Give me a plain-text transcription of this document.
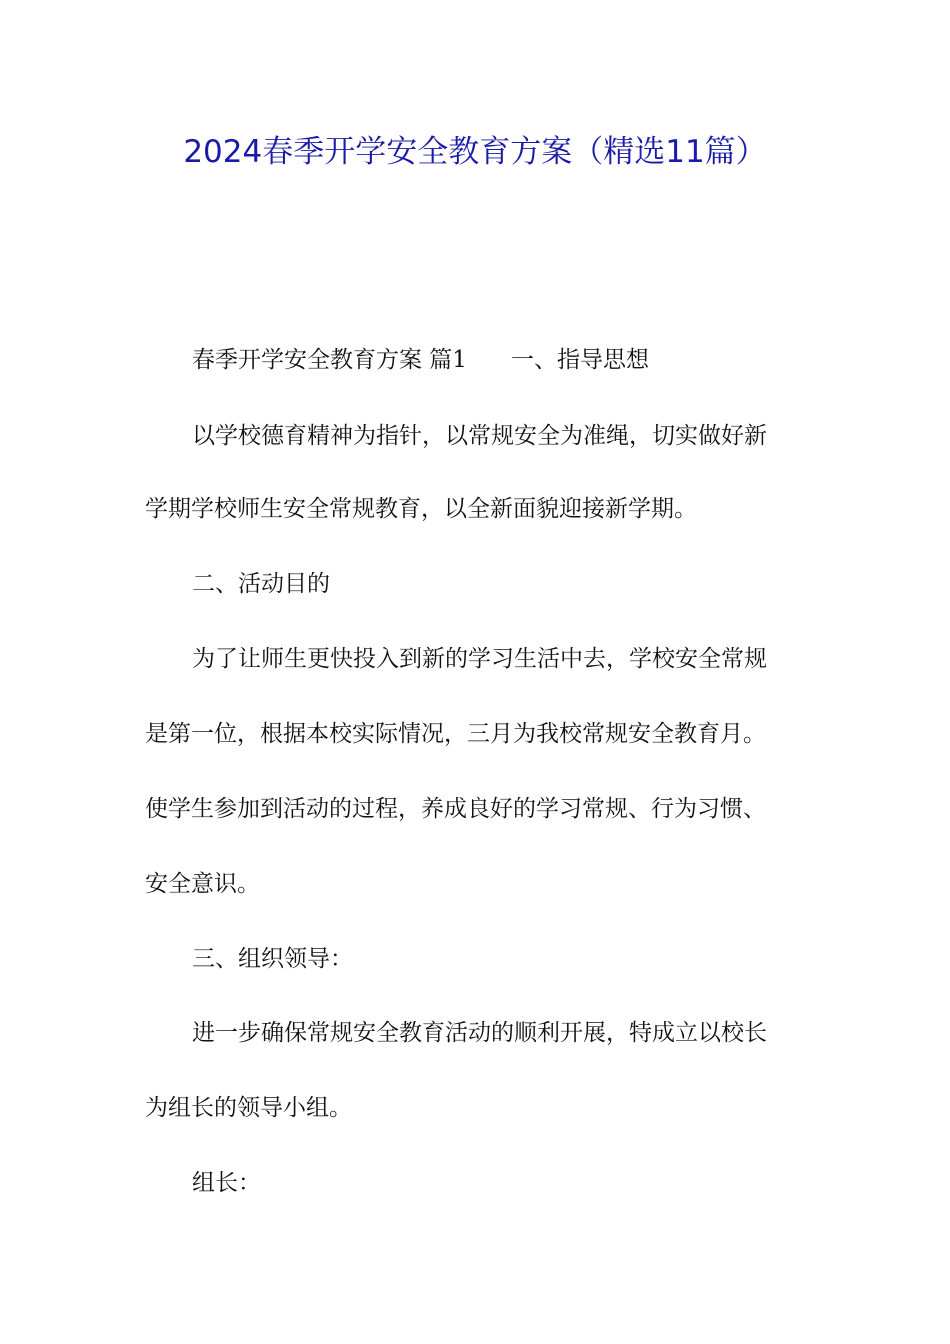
2024春季开学安全教育方案（精选11篇）
春季开学安全教育方案 篇1 一、指导思想
以学校德育精神为指针，以常规安全为准绳，切实做好新
学期学校师生安全常规教育，以全新面貌迎接新学期。
二、活动目的
为了让师生更快投入到新的学习生活中去，学校安全常规
是第一位，根据本校实际情况，三月为我校常规安全教育月。
使学生参加到活动的过程，养成良好的学习常规、行为习惯、
安全意识。
三、组织领导：
进一步确保常规安全教育活动的顺利开展，特成立以校长
为组长的领导小组。
组长：
